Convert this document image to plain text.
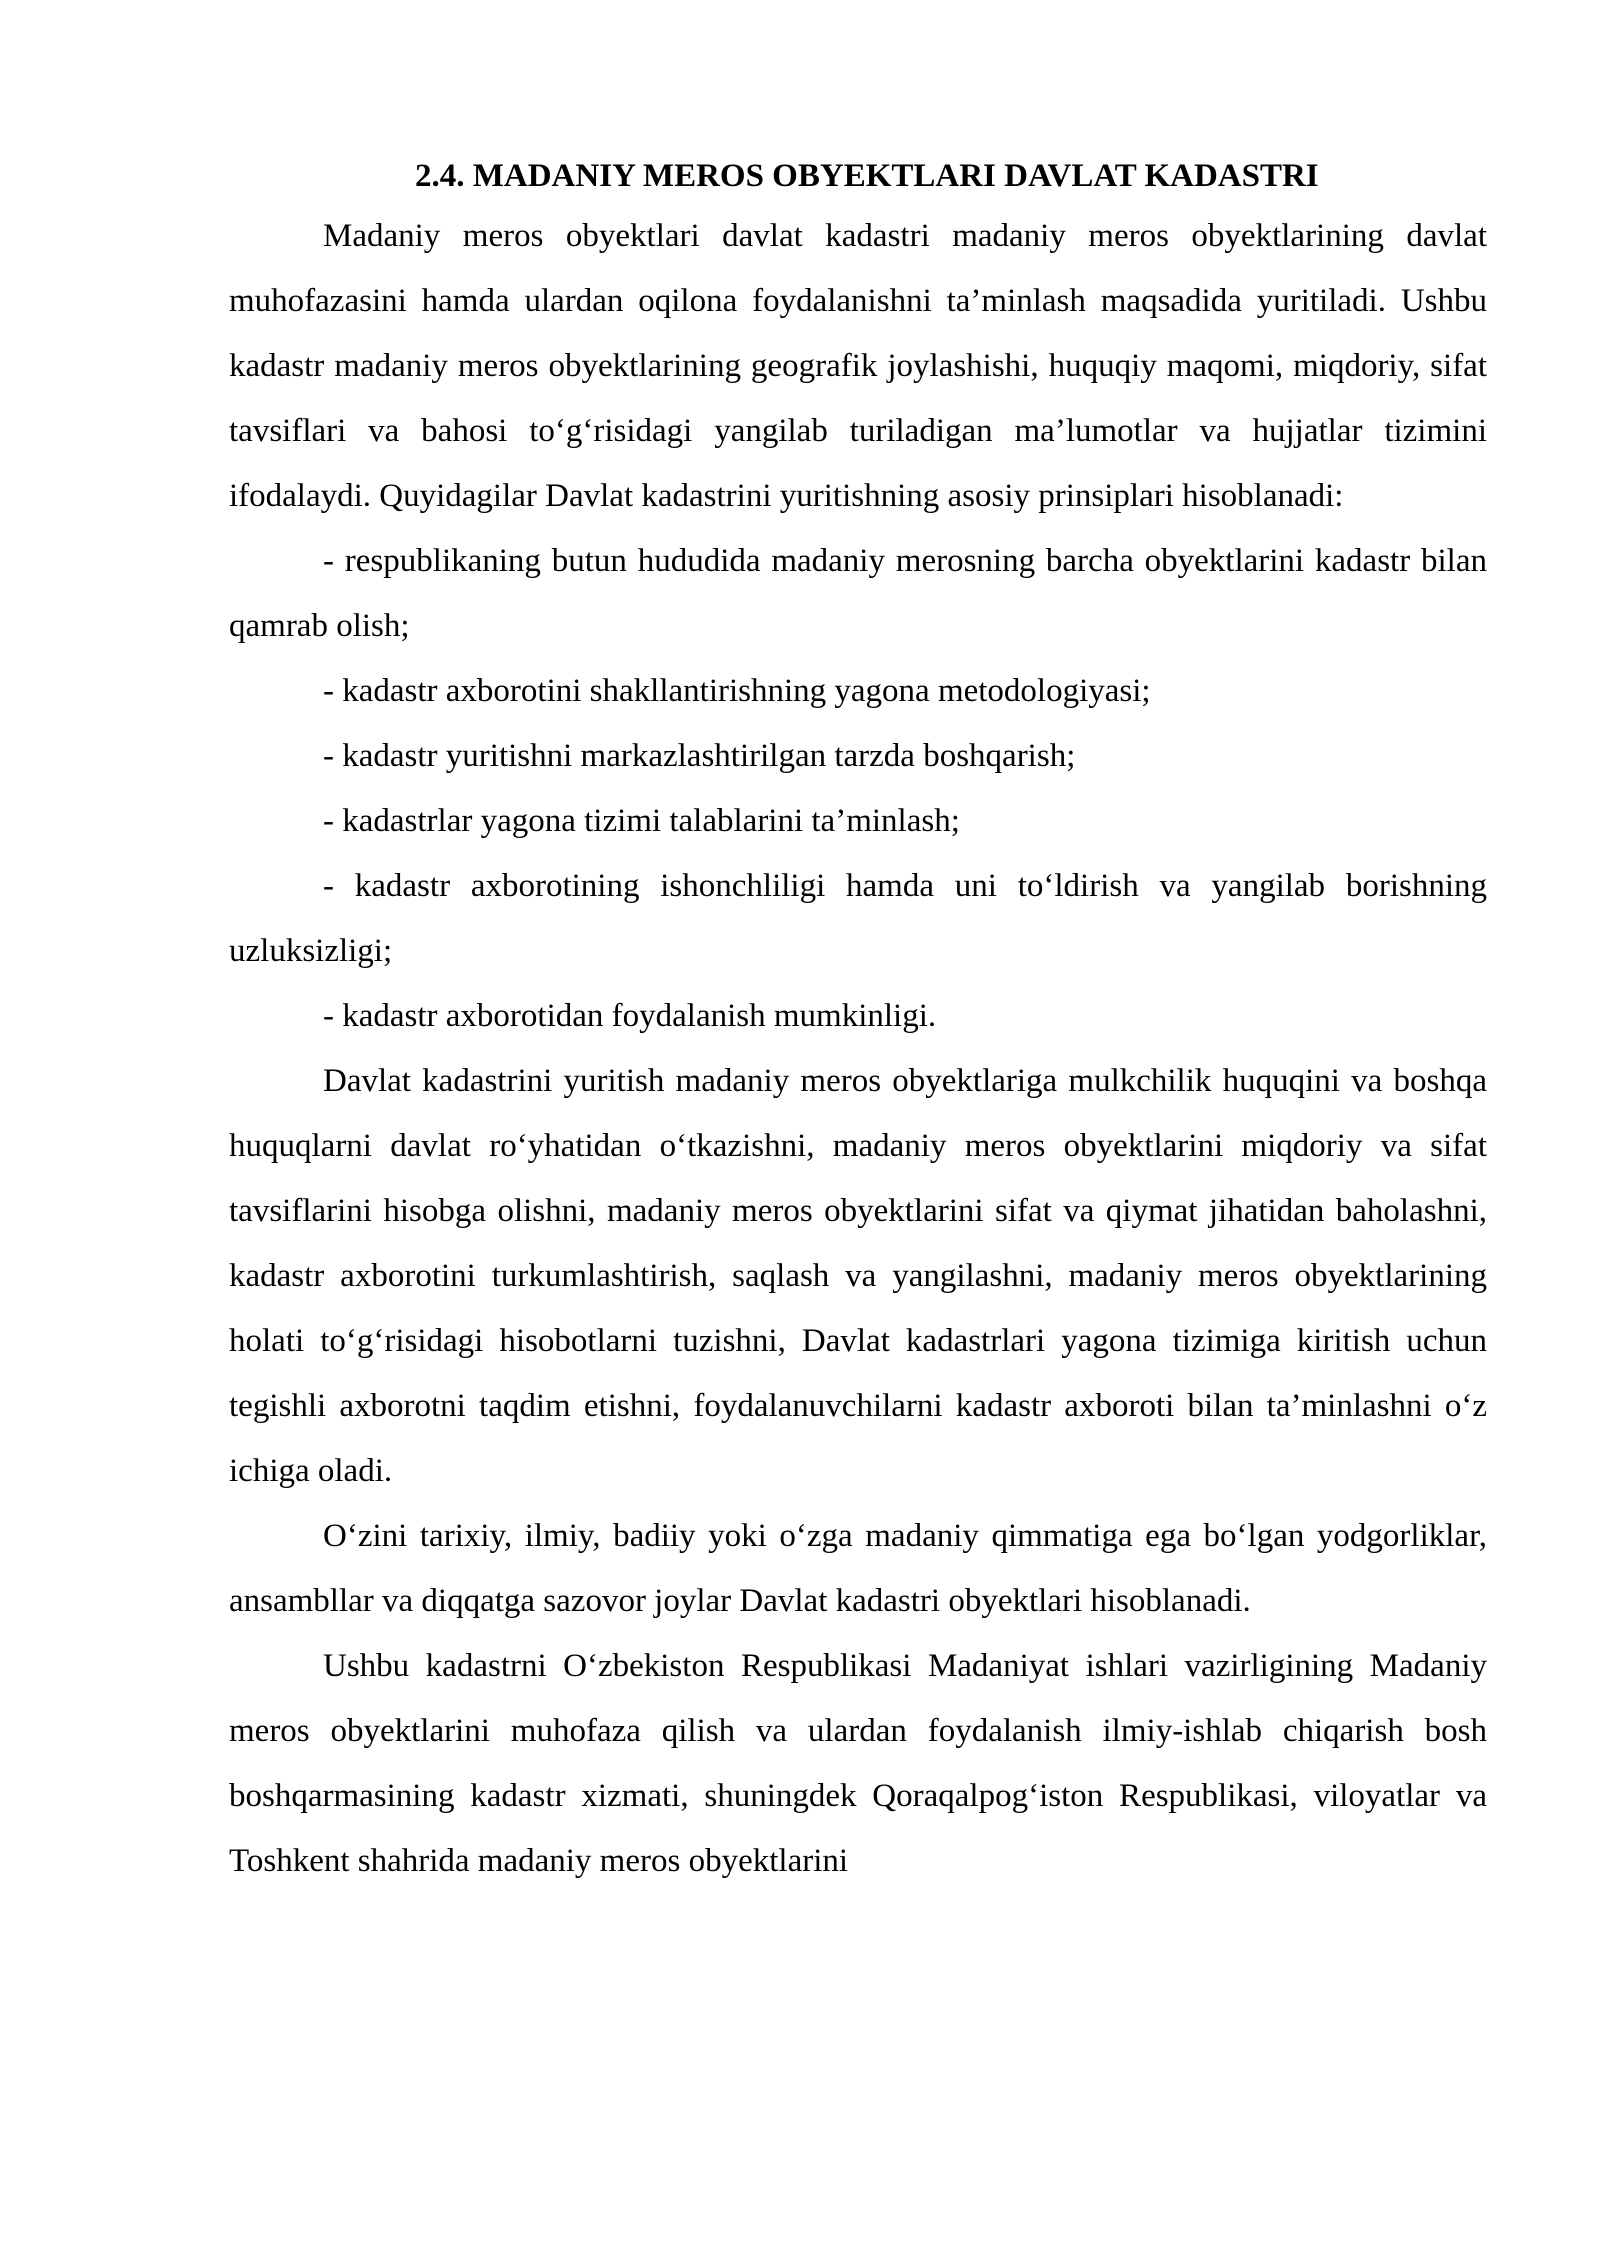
2.4. MADANIY MEROS OBYEKTLARI DAVLAT KADASTRI

Madaniy meros obyektlari davlat kadastri madaniy meros obyektlarining davlat muhofazasini hamda ulardan oqilona foydalanishni ta’minlash maqsadida yuritiladi. Ushbu kadastr madaniy meros obyektlarining geografik joylashishi, huquqiy maqomi, miqdoriy, sifat tavsiflari va bahosi to‘g‘risidagi yangilab turiladigan ma’lumotlar va hujjatlar tizimini ifodalaydi. Quyidagilar Davlat kadastrini yuritishning asosiy prinsiplari hisoblanadi:

- respublikaning butun hududida madaniy merosning barcha obyektlarini kadastr bilan qamrab olish;

- kadastr axborotini shakllantirishning yagona metodologiyasi;

- kadastr yuritishni markazlashtirilgan tarzda boshqarish;

- kadastrlar yagona tizimi talablarini ta’minlash;

- kadastr axborotining ishonchliligi hamda uni to‘ldirish va yangilab borishning uzluksizligi;

- kadastr axborotidan foydalanish mumkinligi.

Davlat kadastrini yuritish madaniy meros obyektlariga mulkchilik huquqini va boshqa huquqlarni davlat ro‘yhatidan o‘tkazishni, madaniy meros obyektlarini miqdoriy va sifat tavsiflarini hisobga olishni, madaniy meros obyektlarini sifat va qiymat jihatidan baholashni, kadastr axborotini turkumlashtirish, saqlash va yangilashni, madaniy meros obyektlarining holati to‘g‘risidagi hisobotlarni tuzishni, Davlat kadastrlari yagona tizimiga kiritish uchun tegishli axborotni taqdim etishni, foydalanuvchilarni kadastr axboroti bilan ta’minlashni o‘z ichiga oladi.

O‘zini tarixiy, ilmiy, badiiy yoki o‘zga madaniy qimmatiga ega bo‘lgan yodgorliklar, ansambllar va diqqatga sazovor joylar Davlat kadastri obyektlari hisoblanadi.

Ushbu kadastrni O‘zbekiston Respublikasi Madaniyat ishlari vazirligining Madaniy meros obyektlarini muhofaza qilish va ulardan foydalanish ilmiy-ishlab chiqarish bosh boshqarmasining kadastr xizmati, shuningdek Qoraqalpog‘iston Respublikasi, viloyatlar va Toshkent shahrida madaniy meros obyektlarini
